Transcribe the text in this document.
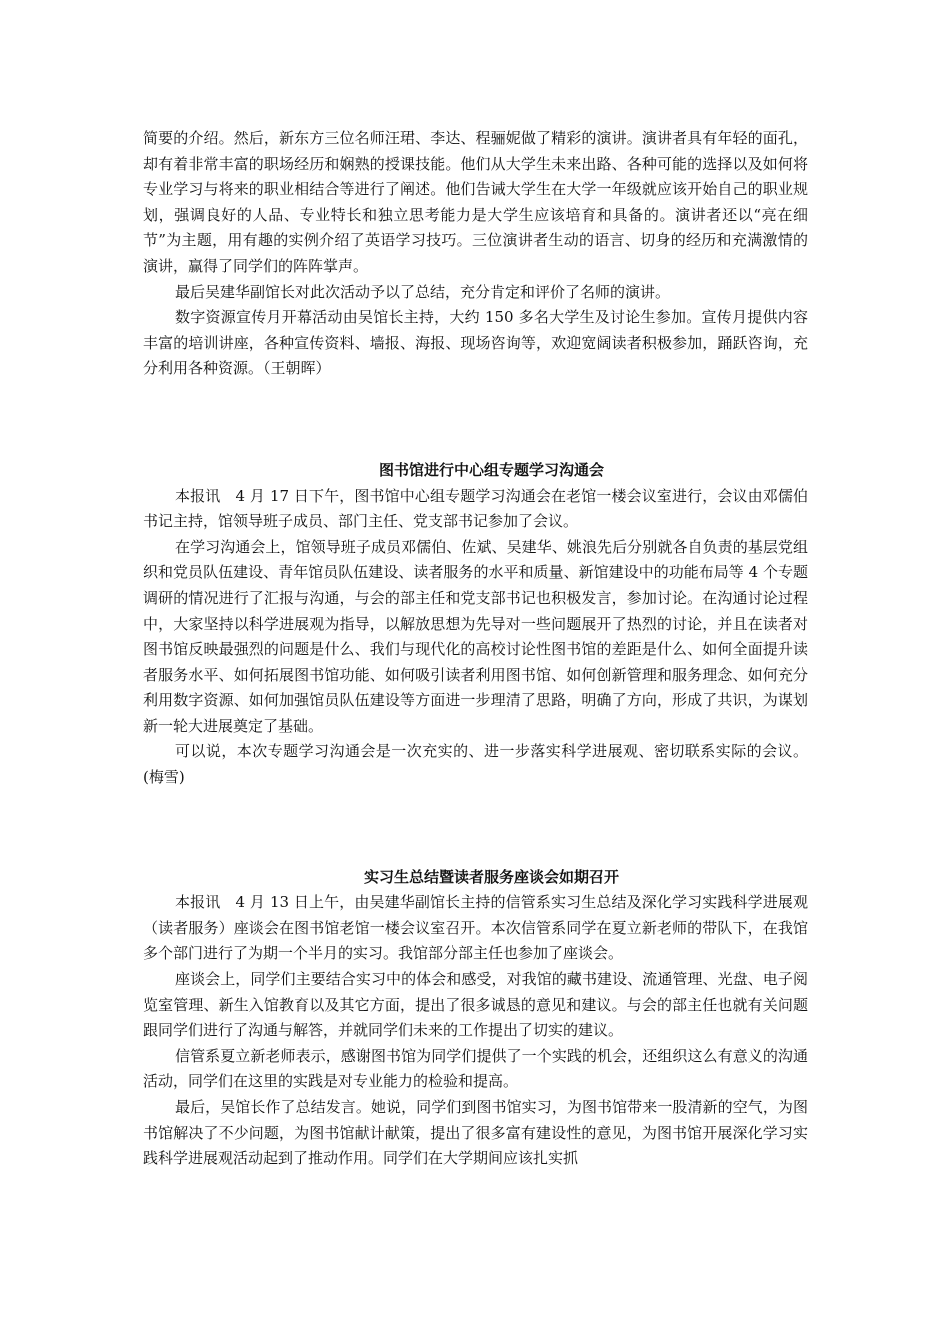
简要的介绍。然后，新东方三位名师汪珺、李达、程骊妮做了精彩的演讲。演讲者具有年轻的面孔，却有着非常丰富的职场经历和娴熟的授课技能。他们从大学生未来出路、各种可能的选择以及如何将专业学习与将来的职业相结合等进行了阐述。他们告诫大学生在大学一年级就应该开始自己的职业规划，强调良好的人品、专业特长和独立思考能力是大学生应该培育和具备的。演讲者还以“亮在细节”为主题，用有趣的实例介绍了英语学习技巧。三位演讲者生动的语言、切身的经历和充满激情的演讲，赢得了同学们的阵阵掌声。

最后吴建华副馆长对此次活动予以了总结，充分肯定和评价了名师的演讲。

数字资源宣传月开幕活动由吴馆长主持，大约 150 多名大学生及讨论生参加。宣传月提供内容丰富的培训讲座，各种宣传资料、墙报、海报、现场咨询等，欢迎宽阔读者积极参加，踊跃咨询，充分利用各种资源。（王朝晖）

图书馆进行中心组专题学习沟通会

本报讯　4 月 17 日下午，图书馆中心组专题学习沟通会在老馆一楼会议室进行，会议由邓儒伯书记主持，馆领导班子成员、部门主任、党支部书记参加了会议。

在学习沟通会上，馆领导班子成员邓儒伯、佐斌、吴建华、姚浪先后分别就各自负责的基层党组织和党员队伍建设、青年馆员队伍建设、读者服务的水平和质量、新馆建设中的功能布局等 4 个专题调研的情况进行了汇报与沟通，与会的部主任和党支部书记也积极发言，参加讨论。在沟通讨论过程中，大家坚持以科学进展观为指导，以解放思想为先导对一些问题展开了热烈的讨论，并且在读者对图书馆反映最强烈的问题是什么、我们与现代化的高校讨论性图书馆的差距是什么、如何全面提升读者服务水平、如何拓展图书馆功能、如何吸引读者利用图书馆、如何创新管理和服务理念、如何充分利用数字资源、如何加强馆员队伍建设等方面进一步理清了思路，明确了方向，形成了共识，为谋划新一轮大进展奠定了基础。

可以说，本次专题学习沟通会是一次充实的、进一步落实科学进展观、密切联系实际的会议。(梅雪)

实习生总结暨读者服务座谈会如期召开

本报讯　4 月 13 日上午，由吴建华副馆长主持的信管系实习生总结及深化学习实践科学进展观（读者服务）座谈会在图书馆老馆一楼会议室召开。本次信管系同学在夏立新老师的带队下，在我馆多个部门进行了为期一个半月的实习。我馆部分部主任也参加了座谈会。

座谈会上，同学们主要结合实习中的体会和感受，对我馆的藏书建设、流通管理、光盘、电子阅览室管理、新生入馆教育以及其它方面，提出了很多诚恳的意见和建议。与会的部主任也就有关问题跟同学们进行了沟通与解答，并就同学们未来的工作提出了切实的建议。

信管系夏立新老师表示，感谢图书馆为同学们提供了一个实践的机会，还组织这么有意义的沟通活动，同学们在这里的实践是对专业能力的检验和提高。

最后，吴馆长作了总结发言。她说，同学们到图书馆实习，为图书馆带来一股清新的空气，为图书馆解决了不少问题，为图书馆献计献策，提出了很多富有建设性的意见，为图书馆开展深化学习实践科学进展观活动起到了推动作用。同学们在大学期间应该扎实抓
